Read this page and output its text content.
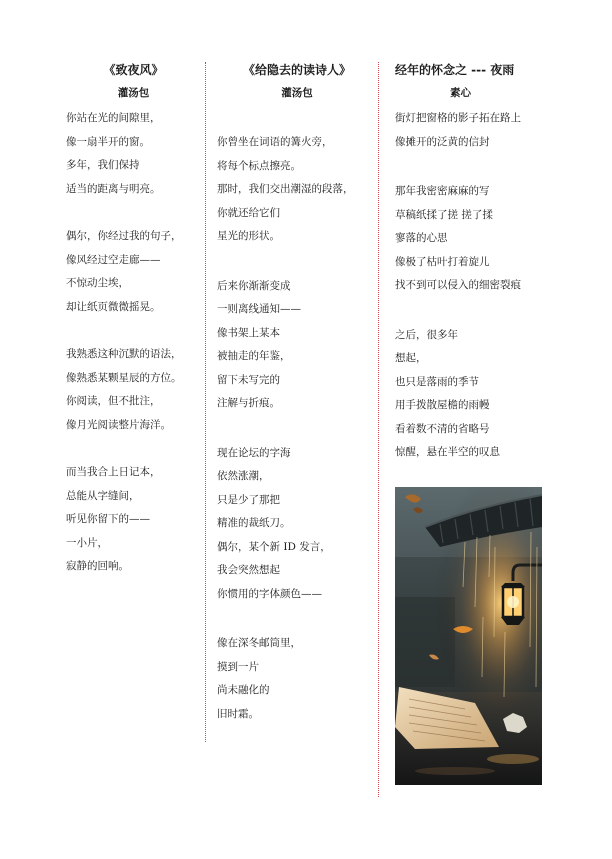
《致夜风》
灌汤包
你站在光的间隙里，
像一扇半开的窗。
多年，我们保持
适当的距离与明亮。
偶尔，你经过我的句子，
像风经过空走廊——
不惊动尘埃，
却让纸页微微摇晃。
我熟悉这种沉默的语法，
像熟悉某颗星辰的方位。
你阅读，但不批注，
像月光阅读整片海洋。
而当我合上日记本，
总能从字缝间，
听见你留下的——
一小片，
寂静的回响。
《给隐去的读诗人》
灌汤包
你曾坐在词语的篝火旁，
将每个标点擦亮。
那时，我们交出潮湿的段落，
你就还给它们
星光的形状。
后来你渐渐变成
一则离线通知——
像书架上某本
被抽走的年鉴，
留下未写完的
注解与折痕。
现在论坛的字海
依然涨潮，
只是少了那把
精准的裁纸刀。
偶尔，某个新 ID 发言，
我会突然想起
你惯用的字体颜色——
像在深冬邮筒里，
摸到一片
尚未融化的
旧时霜。
经年的怀念之 --- 夜雨
素心
街灯把窗格的影子拓在路上
像摊开的泛黄的信封
那年我密密麻麻的写
草稿纸揉了搓 搓了揉
寥落的心思
像极了枯叶打着旋儿
找不到可以侵入的细密裂痕
之后，很多年
想起，
也只是落雨的季节
用手拨散屋檐的雨幔
看着数不清的省略号
惊醒，悬在半空的叹息
